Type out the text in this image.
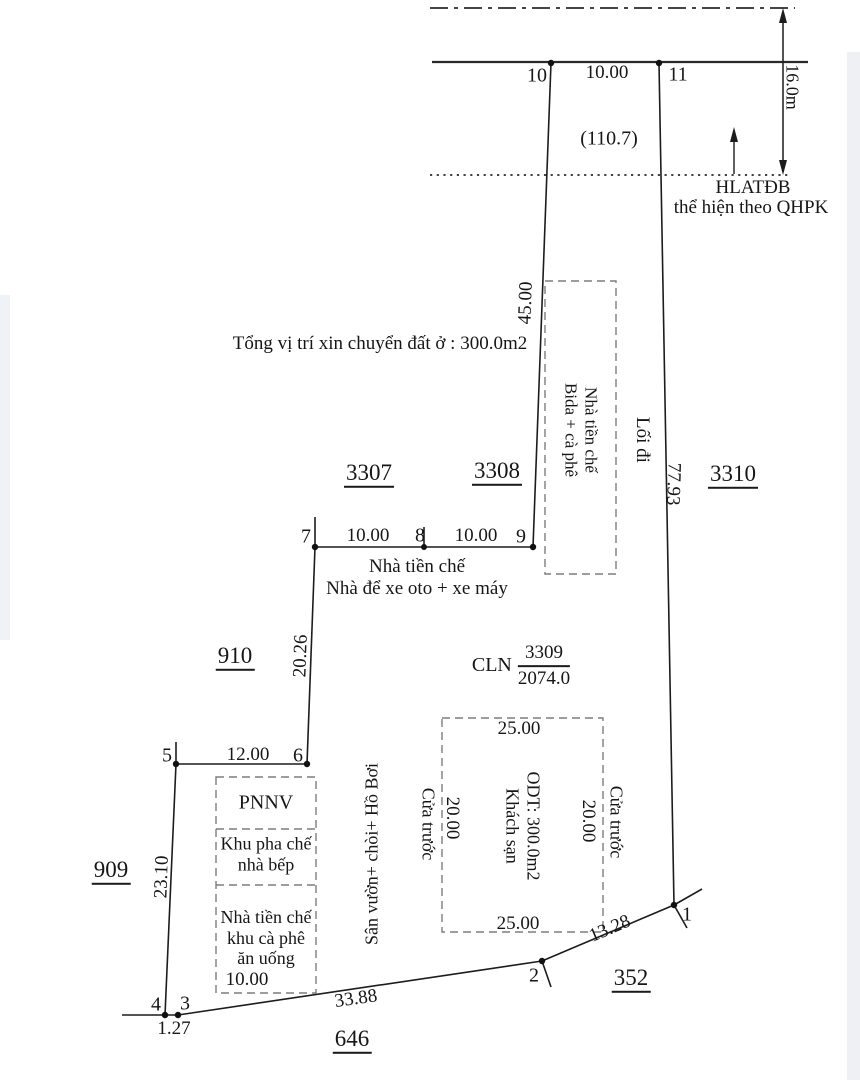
10 10.00 11
(110.7)
16.0m
HLATĐB
thể hiện theo QHPK
Tổng vị trí xin chuyển đất ở : 300.0m2
45.00
77.93
20.26
23.10
33.88
13.28
1.27
7 10.00 8 10.00 9
5	12.00 6
4 3
2
1
3307	3308	3310
910
909
352
646
CLN $\frac{3309}{2074.0}$
Nhà tiền chế
Bida + cà phê	Lối đi
Nhà tiền chế
Nhà để xe oto + xe máy
PNNV
Khu pha chế
nhà bếp
Nhà tiền chế
khu cà phê
ăn uống
10.00
Sân vườn+ chòi+ Hồ Bơi
25.00
25.00
20.00	20.00
Cửa trước	Cửa trước
ODT: 300.0m2
Khách sạn
